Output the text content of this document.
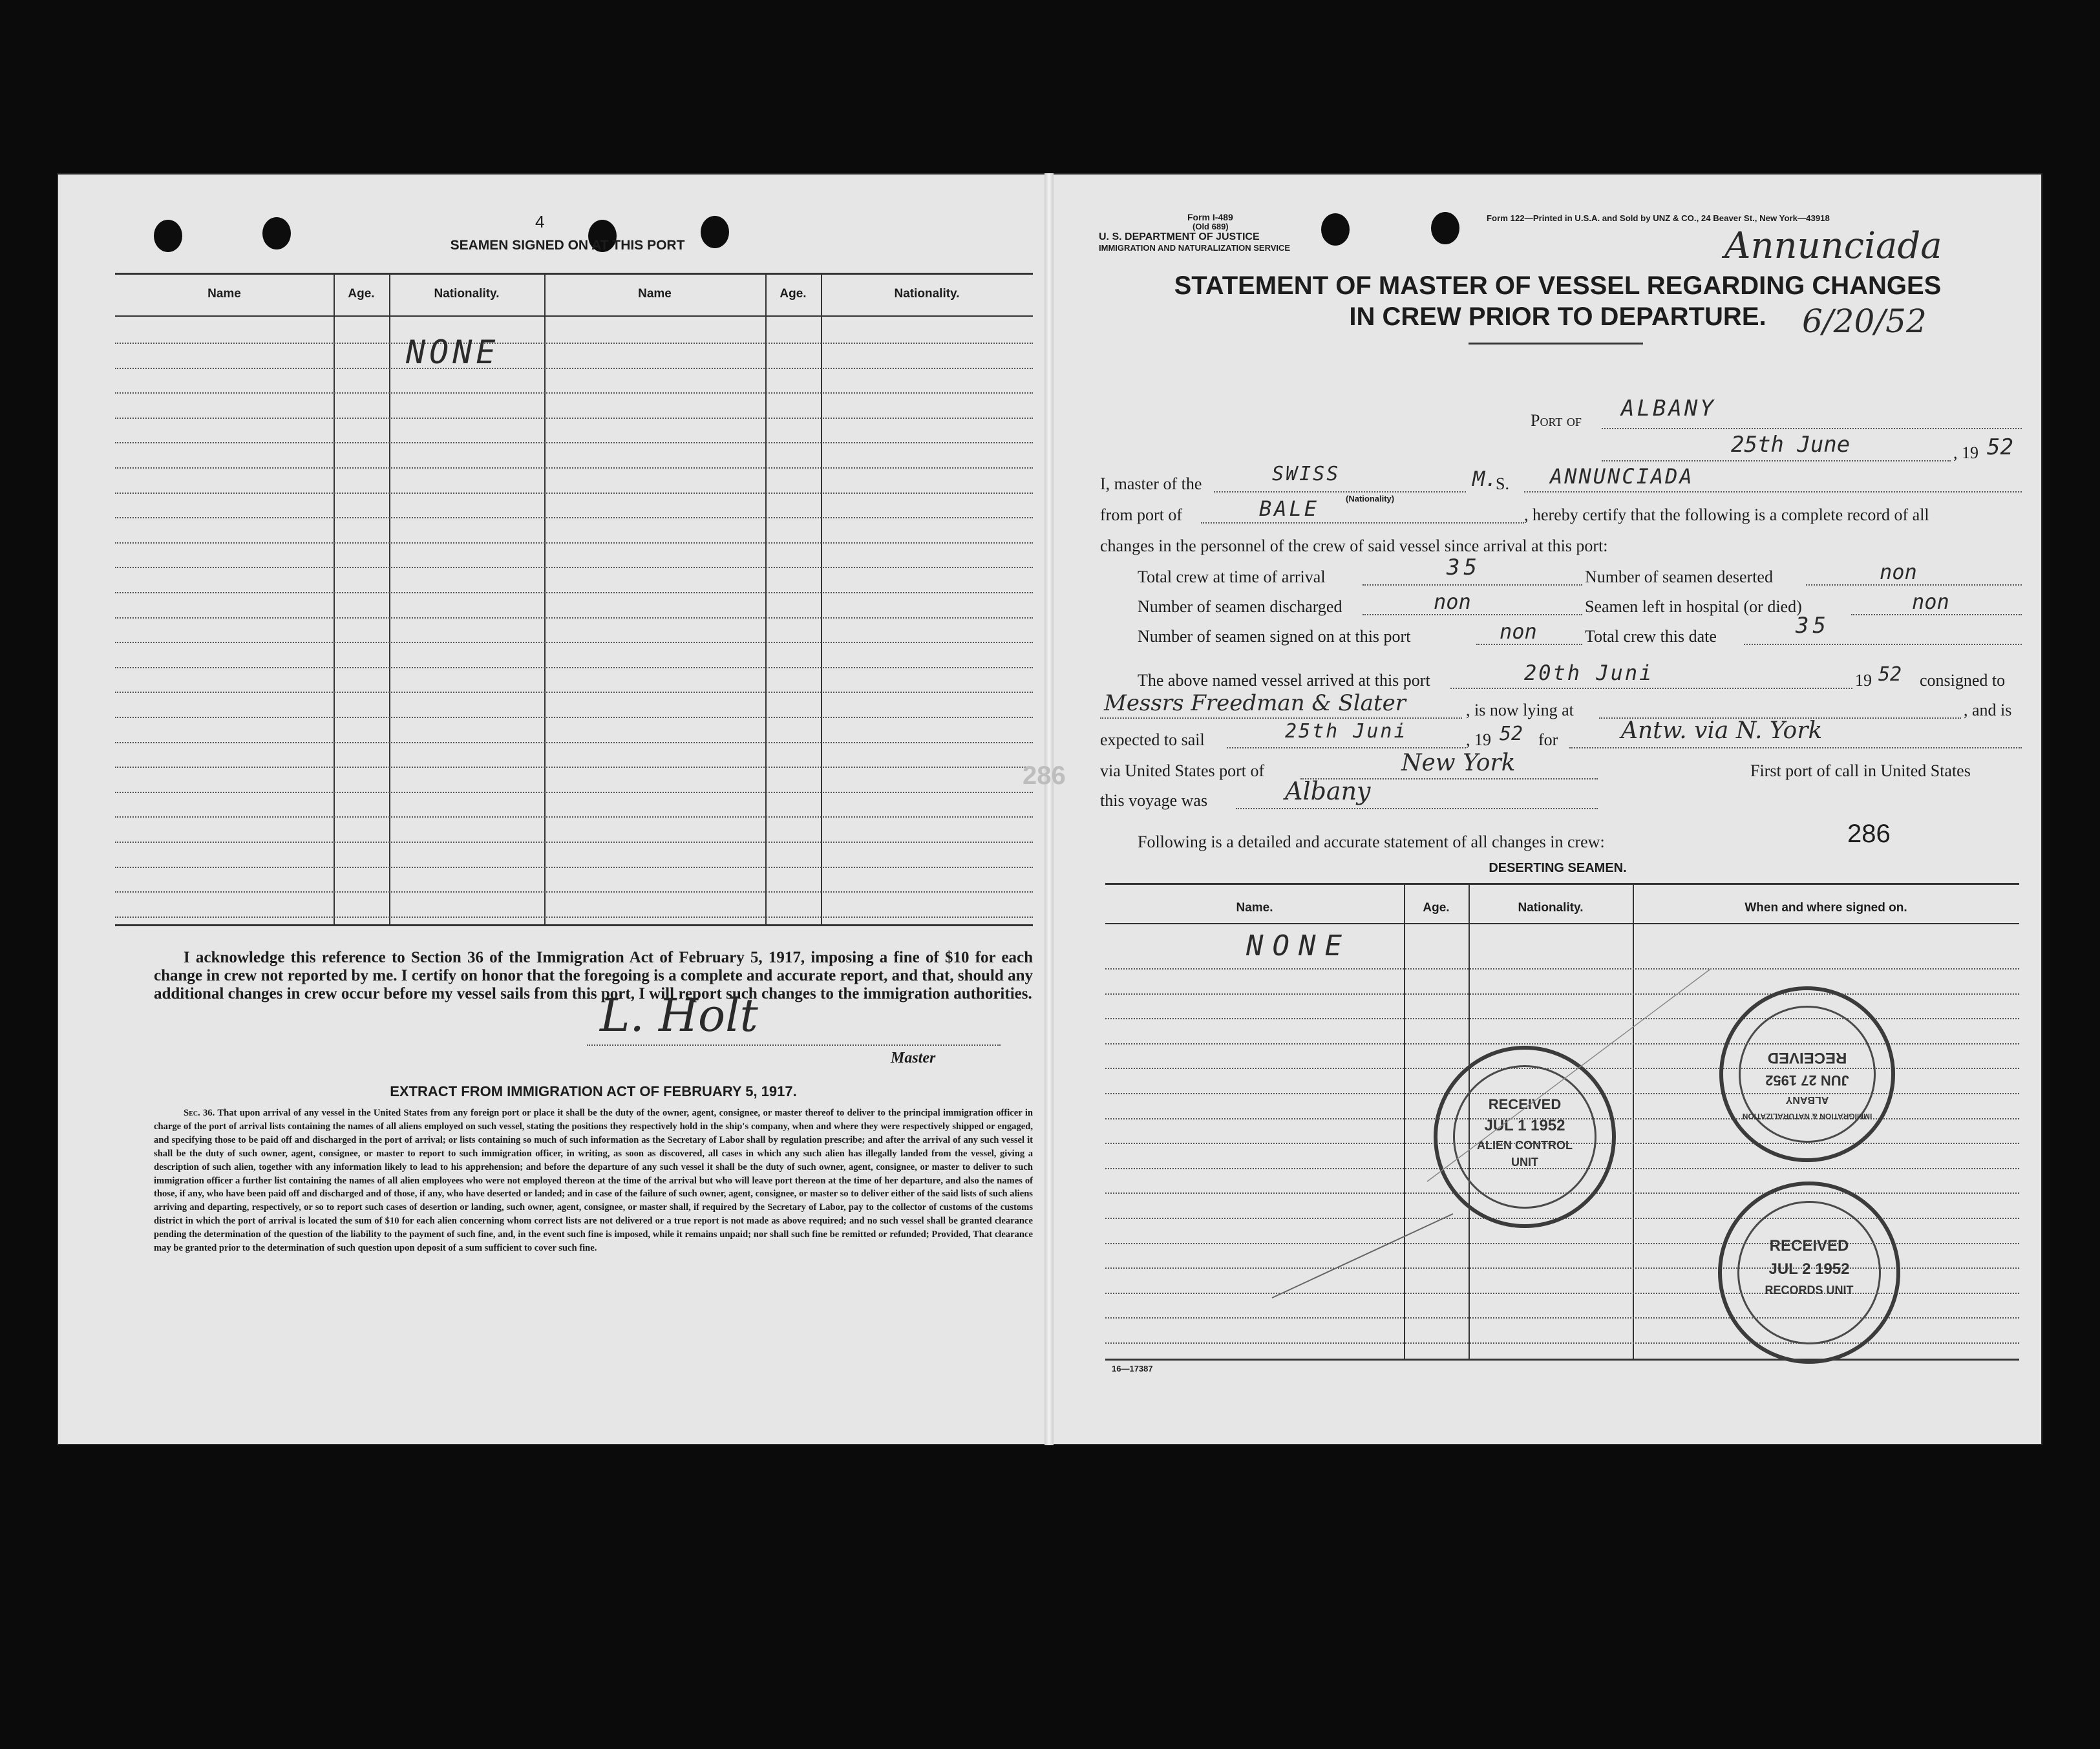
4
SEAMEN SIGNED ON AT THIS PORT
Name	Age.	Nationality.	Name	Age.	Nationality.
NONE
I acknowledge this reference to Section 36 of the Immigration Act of February 5, 1917, imposing a fine of $10 for each change in crew not reported by me. I certify on honor that the foregoing is a complete and accurate report, and that, should any additional changes in crew occur before my vessel sails from this port, I will report such changes to the immigration authorities.
L. Holt
Master
EXTRACT FROM IMMIGRATION ACT OF FEBRUARY 5, 1917.
Sec. 36. That upon arrival of any vessel in the United States from any foreign port or place it shall be the duty of the owner, agent, consignee, or master thereof to deliver to the principal immigration officer in charge of the port of arrival lists containing the names of all aliens employed on such vessel, stating the positions they respectively hold in the ship's company, when and where they were respectively shipped or engaged, and specifying those to be paid off and discharged in the port of arrival; or lists containing so much of such information as the Secretary of Labor shall by regulation prescribe; and after the arrival of any such vessel it shall be the duty of such owner, agent, consignee, or master to report to such immigration officer, in writing, as soon as discovered, all cases in which any such alien has illegally landed from the vessel, giving a description of such alien, together with any information likely to lead to his apprehension; and before the departure of any such vessel it shall be the duty of such owner, agent, consignee, or master to deliver to such immigration officer a further list containing the names of all alien employees who were not employed thereon at the time of the arrival but who will leave port thereon at the time of her departure, and also the names of those, if any, who have been paid off and discharged and of those, if any, who have deserted or landed; and in case of the failure of such owner, agent, consignee, or master so to deliver either of the said lists of such aliens arriving and departing, respectively, or so to report such cases of desertion or landing, such owner, agent, consignee, or master shall, if required by the Secretary of Labor, pay to the collector of customs of the customs district in which the port of arrival is located the sum of $10 for each alien concerning whom correct lists are not delivered or a true report is not made as above required; and no such vessel shall be granted clearance pending the determination of the question of the liability to the payment of such fine, and, in the event such fine is imposed, while it remains unpaid; nor shall such fine be remitted or refunded; Provided, That clearance may be granted prior to the determination of such question upon deposit of a sum sufficient to cover such fine.
Form I-489
(Old 689)
U. S. DEPARTMENT OF JUSTICE
IMMIGRATION AND NATURALIZATION SERVICE
Form 122—Printed in U.S.A. and Sold by UNZ & CO., 24 Beaver St., New York—43918
STATEMENT OF MASTER OF VESSEL REGARDING CHANGES
IN CREW PRIOR TO DEPARTURE.
Annunciada
6/20/52
Port of ALBANY
25th June	, 19 52
I, master of the	SWISS
(Nationality)
M.
S. ANNUNCIADA
from port of	BALE	, hereby certify that the following is a complete record of all
changes in the personnel of the crew of said vessel since arrival at this port:
Total crew at time of arrival	35	Number of seamen deserted	non
Number of seamen discharged	non	Seamen left in hospital (or died)	non
Number of seamen signed on at this port	non	Total crew this date	35
The above named vessel arrived at this port	20th Juni	19 52 consigned to
Messrs Freedman & Slater	, is now lying at	, and is
expected to sail	25th Juni	, 19 52 for	Antw. via N. York
via United States port of	New York	First port of call in United States
this voyage was	Albany
286
Following is a detailed and accurate statement of all changes in crew:	286
DESERTING SEAMEN.
Name.	Age.	Nationality.	When and where signed on.
NONE
16—17387
RECEIVED
JUL 1 1952
ALIEN CONTROL
UNIT
IMMIGRATION & NATURALIZATION
ALBANY
JUN 27 1952
RECEIVED
RECEIVED
JUL 2 1952
RECORDS UNIT
